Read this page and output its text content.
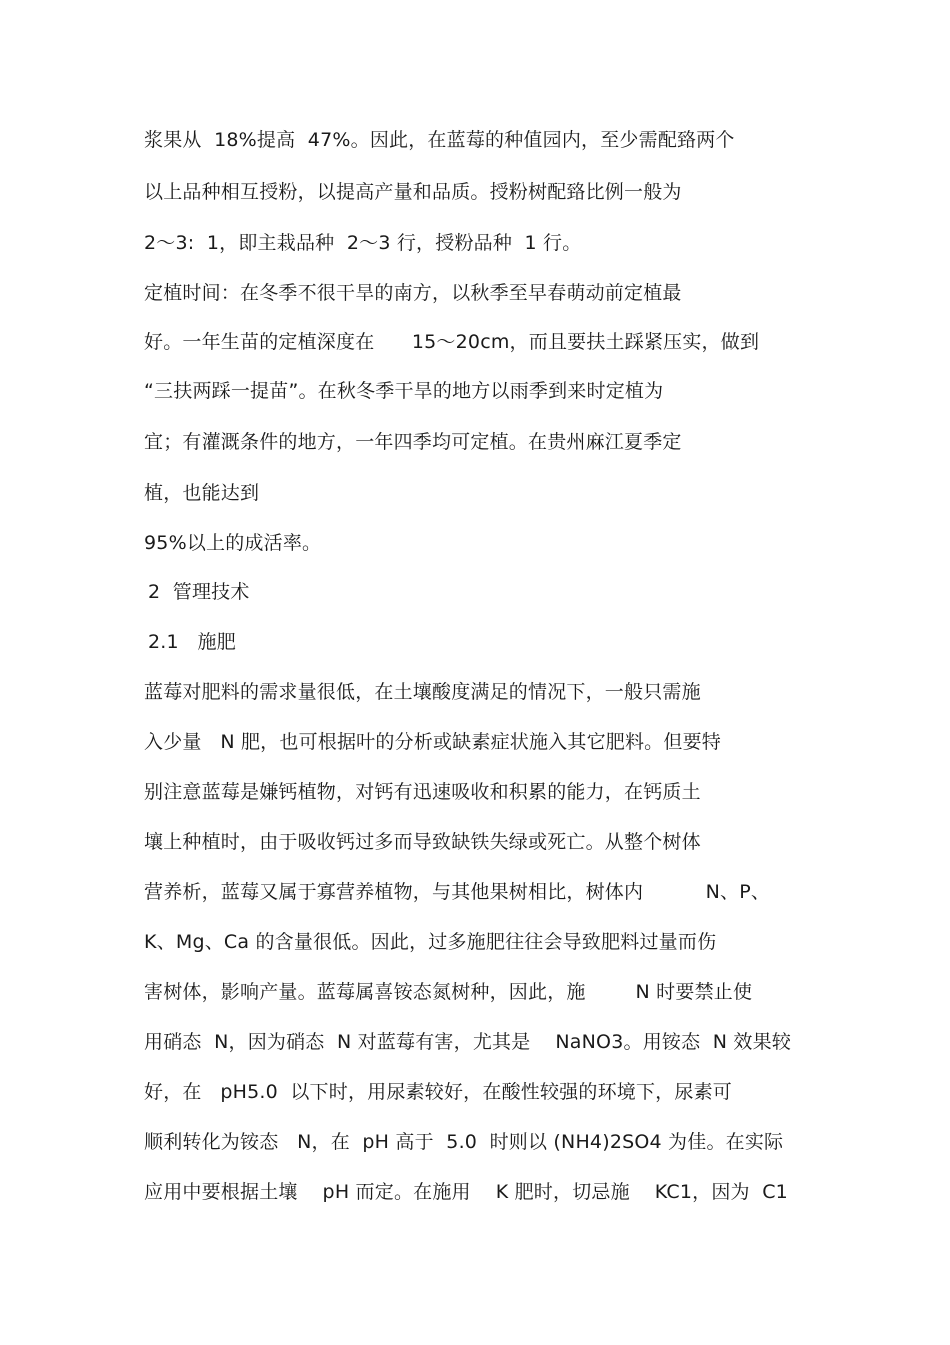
浆果从  18%提高  47%。因此，在蓝莓的种值园内，至少需配臵两个
以上品种相互授粉，以提高产量和品质。授粉树配臵比例一般为
2～3:  1，即主栽品种  2～3 行，授粉品种  1 行。
定植时间：在冬季不很干旱的南方，以秋季至早春萌动前定植最
好。一年生苗的定植深度在      15～20cm，而且要扶土踩紧压实，做到
“三扶两踩一提苗”。在秋冬季干旱的地方以雨季到来时定植为
宜；有灌溉条件的地方，一年四季均可定植。在贵州麻江夏季定
植，也能达到
95%以上的成活率。
2  管理技术
2.1   施肥
蓝莓对肥料的需求量很低，在土壤酸度满足的情况下，一般只需施
入少量   N 肥，也可根据叶的分析或缺素症状施入其它肥料。但要特
别注意蓝莓是嫌钙植物，对钙有迅速吸收和积累的能力，在钙质土
壤上种植时，由于吸收钙过多而导致缺铁失绿或死亡。从整个树体
营养析，蓝莓又属于寡营养植物，与其他果树相比，树体内          N、P、
K、Mg、Ca 的含量很低。因此，过多施肥往往会导致肥料过量而伤
害树体，影响产量。蓝莓属喜铵态氮树种，因此，施        N 时要禁止使
用硝态  N，因为硝态  N 对蓝莓有害，尤其是    NaNO3。用铵态  N 效果较
好，在   pH5.0  以下时，用尿素较好，在酸性较强的环境下，尿素可
顺利转化为铵态   N，在  pH 高于  5.0  时则以 (NH4)2SO4 为佳。在实际
应用中要根据土壤    pH 而定。在施用    K 肥时，切忌施    KC1，因为  C1
